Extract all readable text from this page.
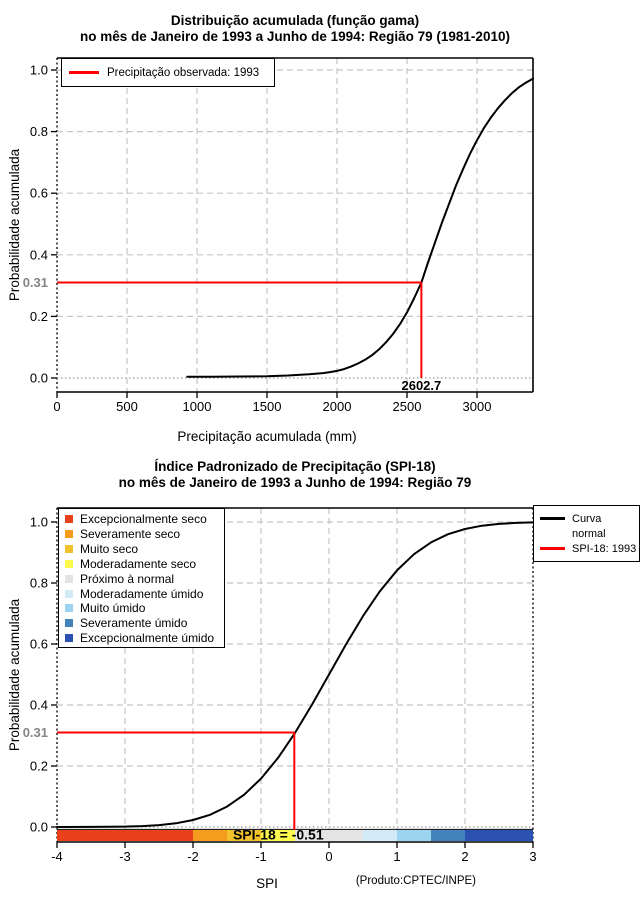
0	500	1000	1500	2000	2500	3000
0.0
0.2
0.4
0.6
0.8
1.0
0.31
2602.7
Probabilidade acumulada
-4	-3	-2	-1	0	1	2	3
0.0
0.2
0.4
0.6
0.8
1.0
0.31
SPI-18 = -0.51
Probabilidade acumulada
Distribuição acumulada (função gama)
no mês de Janeiro de 1993 a Junho de 1994: Região 79 (1981-2010)
Precipitação acumulada (mm)
Precipitação observada: 1993
Índice Padronizado de Precipitação (SPI-18)
no mês de Janeiro de 1993 a Junho de 1994: Região 79
SPI	(Produto:CPTEC/INPE)
Excepcionalmente seco
Severamente seco
Muito seco
Moderadamente seco
Próximo à normal
Moderadamente úmido
Muito úmido
Severamente úmido
Excepcionalmente úmido
Curva
normal
SPI-18: 1993
